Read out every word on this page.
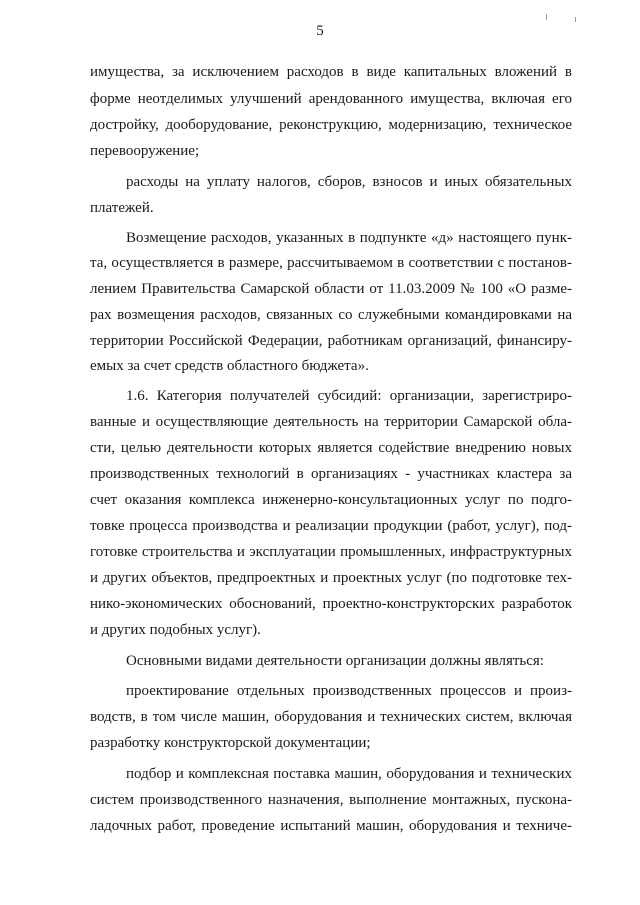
5
имущества, за исключением расходов в виде капитальных вложений в
форме неотделимых улучшений арендованного имущества, включая его
достройку, дооборудование, реконструкцию, модернизацию, техническое
перевооружение;
расходы на уплату налогов, сборов, взносов и иных обязательных
платежей.
Возмещение расходов, указанных в подпункте «д» настоящего пунк-
та, осуществляется в размере, рассчитываемом в соответствии с постанов-
лением Правительства Самарской области от 11.03.2009 № 100 «О разме-
рах возмещения расходов, связанных со служебными командировками на
территории Российской Федерации, работникам организаций, финансиру-
емых за счет средств областного бюджета».
1.6. Категория получателей субсидий: организации, зарегистриро-
ванные и осуществляющие деятельность на территории Самарской обла-
сти, целью деятельности которых является содействие внедрению новых
производственных технологий в организациях - участниках кластера за
счет оказания комплекса инженерно-консультационных услуг по подго-
товке процесса производства и реализации продукции (работ, услуг), под-
готовке строительства и эксплуатации промышленных, инфраструктурных
и других объектов, предпроектных и проектных услуг (по подготовке тех-
нико-экономических обоснований, проектно-конструкторских разработок
и других подобных услуг).
Основными видами деятельности организации должны являться:
проектирование отдельных производственных процессов и произ-
водств, в том числе машин, оборудования и технических систем, включая
разработку конструкторской документации;
подбор и комплексная поставка машин, оборудования и технических
систем производственного назначения, выполнение монтажных, пускона-
ладочных работ, проведение испытаний машин, оборудования и техниче-
